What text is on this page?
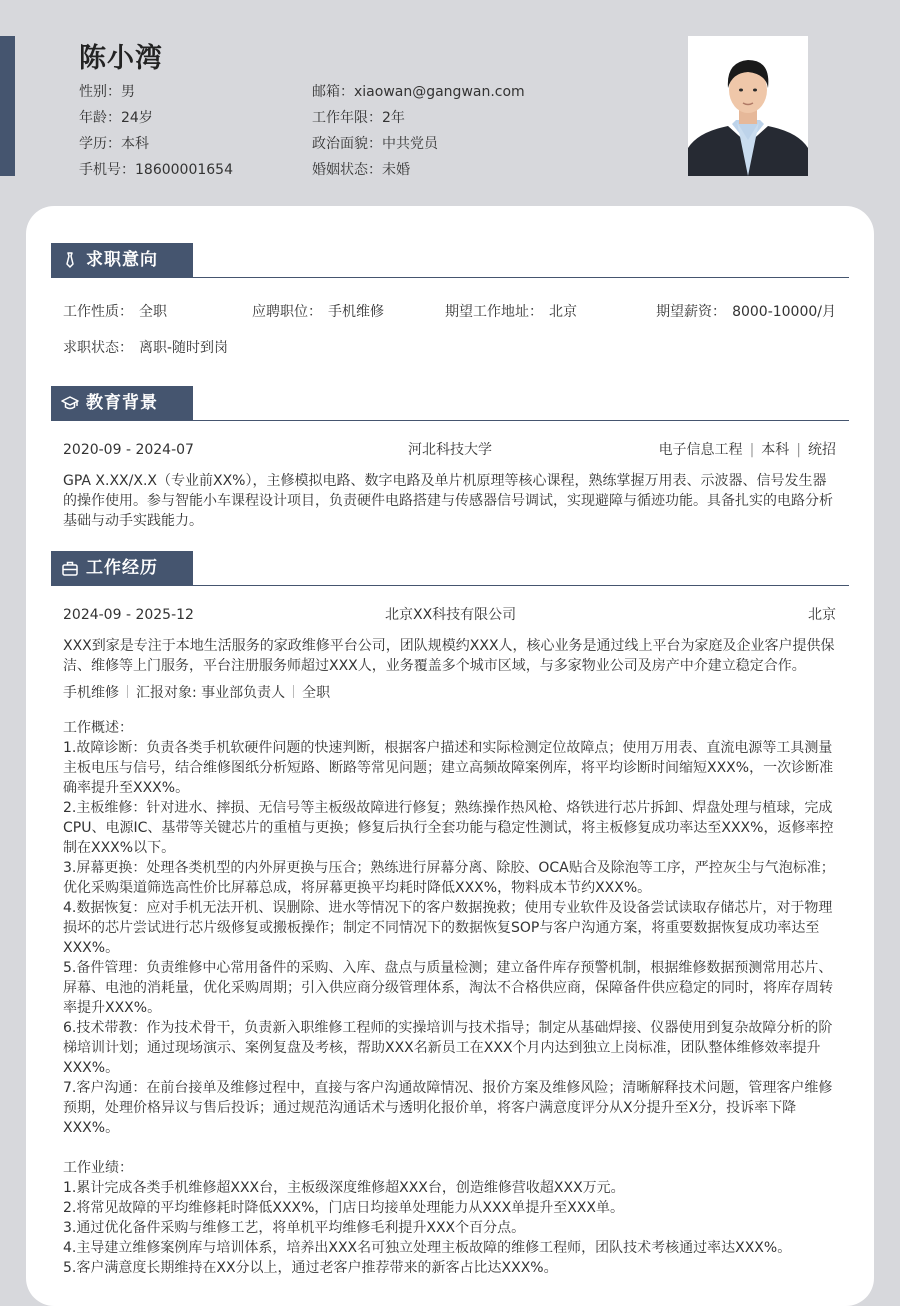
陈小湾
性别：男
年龄：24岁
学历：本科
手机号：18600001654
邮箱：xiaowan@gangwan.com
工作年限：2年
政治面貌：中共党员
婚姻状态：未婚
求职意向
工作性质： 全职	应聘职位： 手机维修	期望工作地址： 北京	期望薪资： 8000-10000/月
求职状态： 离职-随时到岗
教育背景
2020-09 - 2024-07	河北科技大学	电子信息工程 | 本科 | 统招
GPA X.XX/X.X（专业前XX%），主修模拟电路、数字电路及单片机原理等核心课程，熟练掌握万用表、示波器、信号发生器
的操作使用。参与智能小车课程设计项目，负责硬件电路搭建与传感器信号调试，实现避障与循迹功能。具备扎实的电路分析
基础与动手实践能力。
工作经历
2024-09 - 2025-12	北京XX科技有限公司	北京
XXX到家是专注于本地生活服务的家政维修平台公司，团队规模约XXX人，核心业务是通过线上平台为家庭及企业客户提供保
洁、维修等上门服务，平台注册服务师超过XXX人，业务覆盖多个城市区域，与多家物业公司及房产中介建立稳定合作。
手机维修 汇报对象: 事业部负责人 全职
工作概述：
1.故障诊断：负责各类手机软硬件问题的快速判断，根据客户描述和实际检测定位故障点；使用万用表、直流电源等工具测量
主板电压与信号，结合维修图纸分析短路、断路等常见问题；建立高频故障案例库，将平均诊断时间缩短XXX%，一次诊断准
确率提升至XXX%。
2.主板维修：针对进水、摔损、无信号等主板级故障进行修复；熟练操作热风枪、烙铁进行芯片拆卸、焊盘处理与植球，完成
CPU、电源IC、基带等关键芯片的重植与更换；修复后执行全套功能与稳定性测试，将主板修复成功率达至XXX%，返修率控
制在XXX%以下。
3.屏幕更换：处理各类机型的内外屏更换与压合；熟练进行屏幕分离、除胶、OCA贴合及除泡等工序，严控灰尘与气泡标准；
优化采购渠道筛选高性价比屏幕总成，将屏幕更换平均耗时降低XXX%，物料成本节约XXX%。
4.数据恢复：应对手机无法开机、误删除、进水等情况下的客户数据挽救；使用专业软件及设备尝试读取存储芯片，对于物理
损坏的芯片尝试进行芯片级修复或搬板操作；制定不同情况下的数据恢复SOP与客户沟通方案，将重要数据恢复成功率达至
XXX%。
5.备件管理：负责维修中心常用备件的采购、入库、盘点与质量检测；建立备件库存预警机制，根据维修数据预测常用芯片、
屏幕、电池的消耗量，优化采购周期；引入供应商分级管理体系，淘汰不合格供应商，保障备件供应稳定的同时，将库存周转
率提升XXX%。
6.技术带教：作为技术骨干，负责新入职维修工程师的实操培训与技术指导；制定从基础焊接、仪器使用到复杂故障分析的阶
梯培训计划；通过现场演示、案例复盘及考核，帮助XXX名新员工在XXX个月内达到独立上岗标准，团队整体维修效率提升
XXX%。
7.客户沟通：在前台接单及维修过程中，直接与客户沟通故障情况、报价方案及维修风险；清晰解释技术问题，管理客户维修
预期，处理价格异议与售后投诉；通过规范沟通话术与透明化报价单，将客户满意度评分从X分提升至X分，投诉率下降
XXX%。
工作业绩：
1.累计完成各类手机维修超XXX台，主板级深度维修超XXX台，创造维修营收超XXX万元。
2.将常见故障的平均维修耗时降低XXX%，门店日均接单处理能力从XXX单提升至XXX单。
3.通过优化备件采购与维修工艺，将单机平均维修毛利提升XXX个百分点。
4.主导建立维修案例库与培训体系，培养出XXX名可独立处理主板故障的维修工程师，团队技术考核通过率达XXX%。
5.客户满意度长期维持在XX分以上，通过老客户推荐带来的新客占比达XXX%。
